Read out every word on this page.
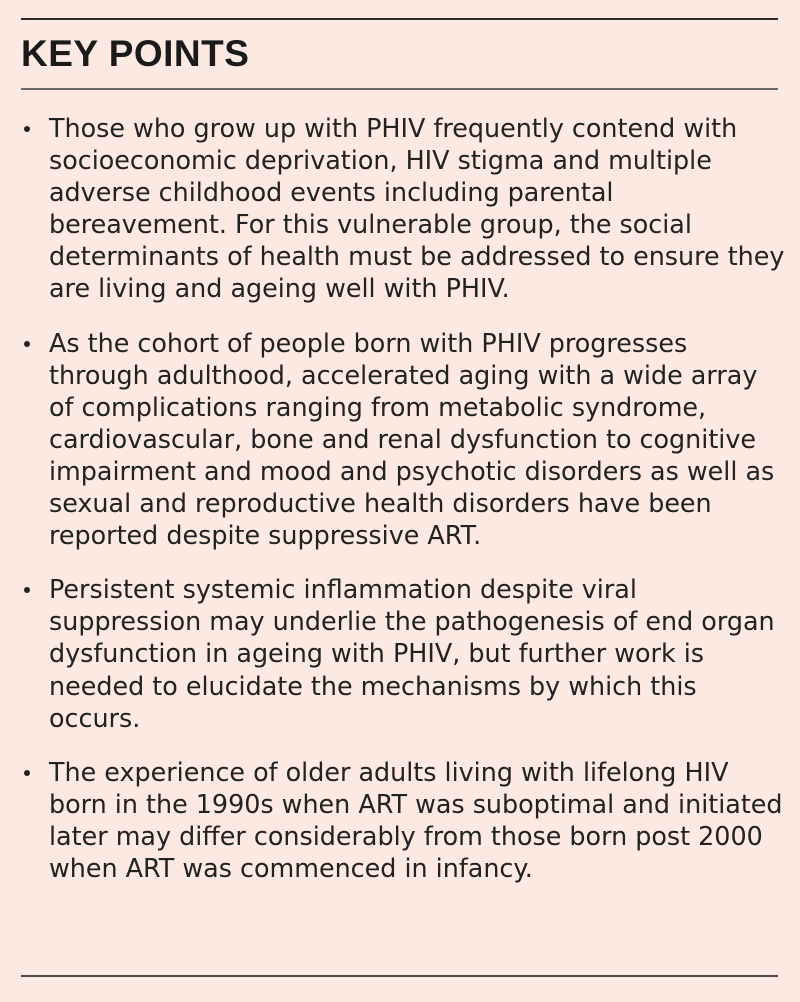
KEY POINTS
Those who grow up with PHIV frequently contend with socioeconomic deprivation, HIV stigma and multiple adverse childhood events including parental bereavement. For this vulnerable group, the social determinants of health must be addressed to ensure they are living and ageing well with PHIV.
As the cohort of people born with PHIV progresses through adulthood, accelerated aging with a wide array of complications ranging from metabolic syndrome, cardiovascular, bone and renal dysfunction to cognitive impairment and mood and psychotic disorders as well as sexual and reproductive health disorders have been reported despite suppressive ART.
Persistent systemic inflammation despite viral suppression may underlie the pathogenesis of end organ dysfunction in ageing with PHIV, but further work is needed to elucidate the mechanisms by which this occurs.
The experience of older adults living with lifelong HIV born in the 1990s when ART was suboptimal and initiated later may differ considerably from those born post 2000 when ART was commenced in infancy.
